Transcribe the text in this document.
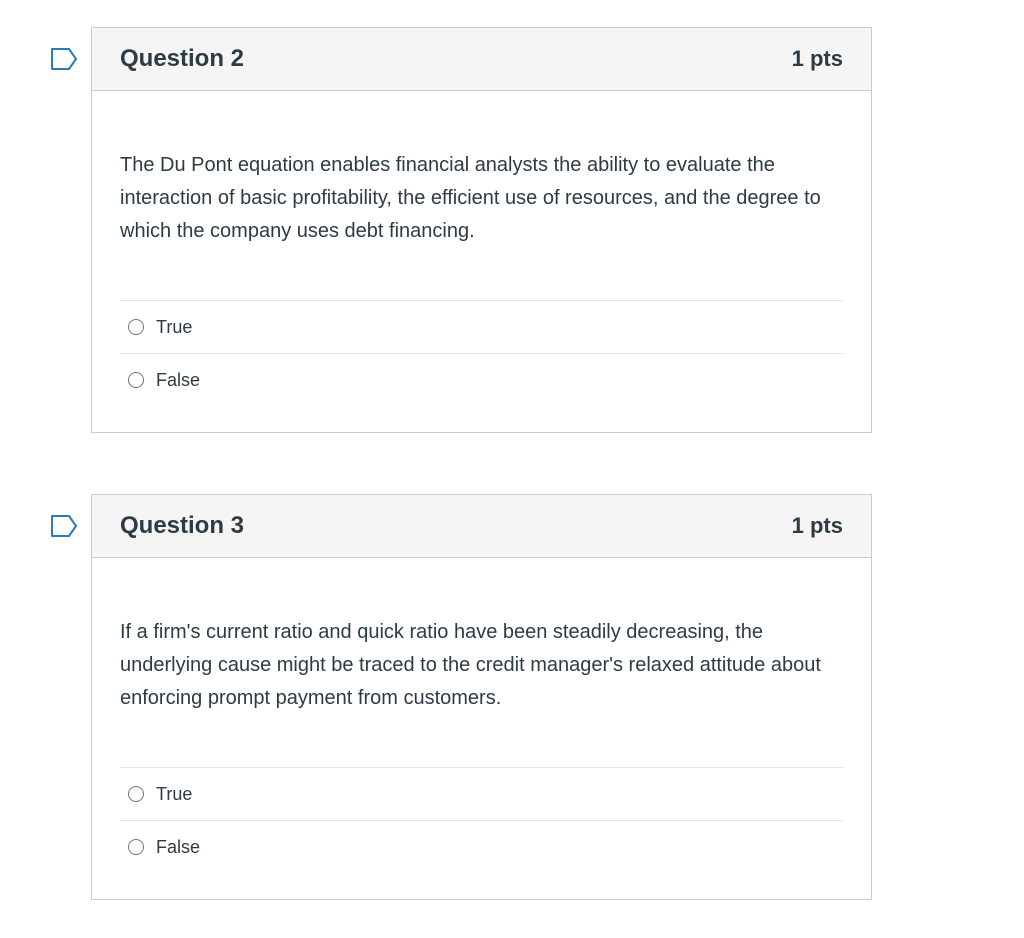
Question 2	1 pts

The Du Pont equation enables financial analysts the ability to evaluate the interaction of basic profitability, the efficient use of resources, and the degree to which the company uses debt financing.

True
False
Question 3	1 pts

If a firm's current ratio and quick ratio have been steadily decreasing, the underlying cause might be traced to the credit manager's relaxed attitude about enforcing prompt payment from customers.

True
False
